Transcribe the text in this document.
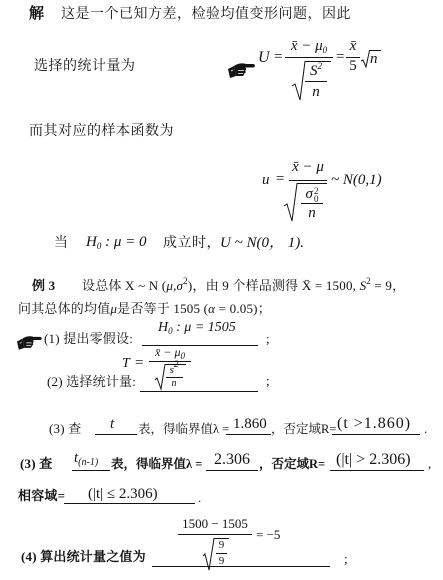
解 这是一个已知方差，检验均值变形问题，因此
选择的统计量为
U =
x̄ − $\mu_0$
$S^2$
n
=
x̄
5 n
而其对应的样本函数为
u =
x̄ − μ
σ 2
0
n
~ N(0,1)
当 $H_0$ : μ = 0 成立时， U ~ N(0， 1).
例 3 设总体 X ~ N $(\mu,\sigma^2)$，由 9 个样品测得 X̄ = 1500, $S^2 = 9$，
问其总体的均值μ是否等于 1505 (α = 0.05)；
(1) 提出零假设:
$H_0$ : μ = 1505
;
T =
x̄ − $\mu_0$
$s^2$
n
(2) 选择统计量:	;
(3) 查 t 表，得临界值λ = 1.860 ，否定域R= (t >1.860) .
(3) 查 $t_{(n-1)}$ 表，得临界值λ = 2.306 ，否定域R= (|t| > 2.306) ,
相容域= (|t| ≤ 2.306)	.
1500 − 1505
= −5
9
9
(4) 算出统计量之值为	;
